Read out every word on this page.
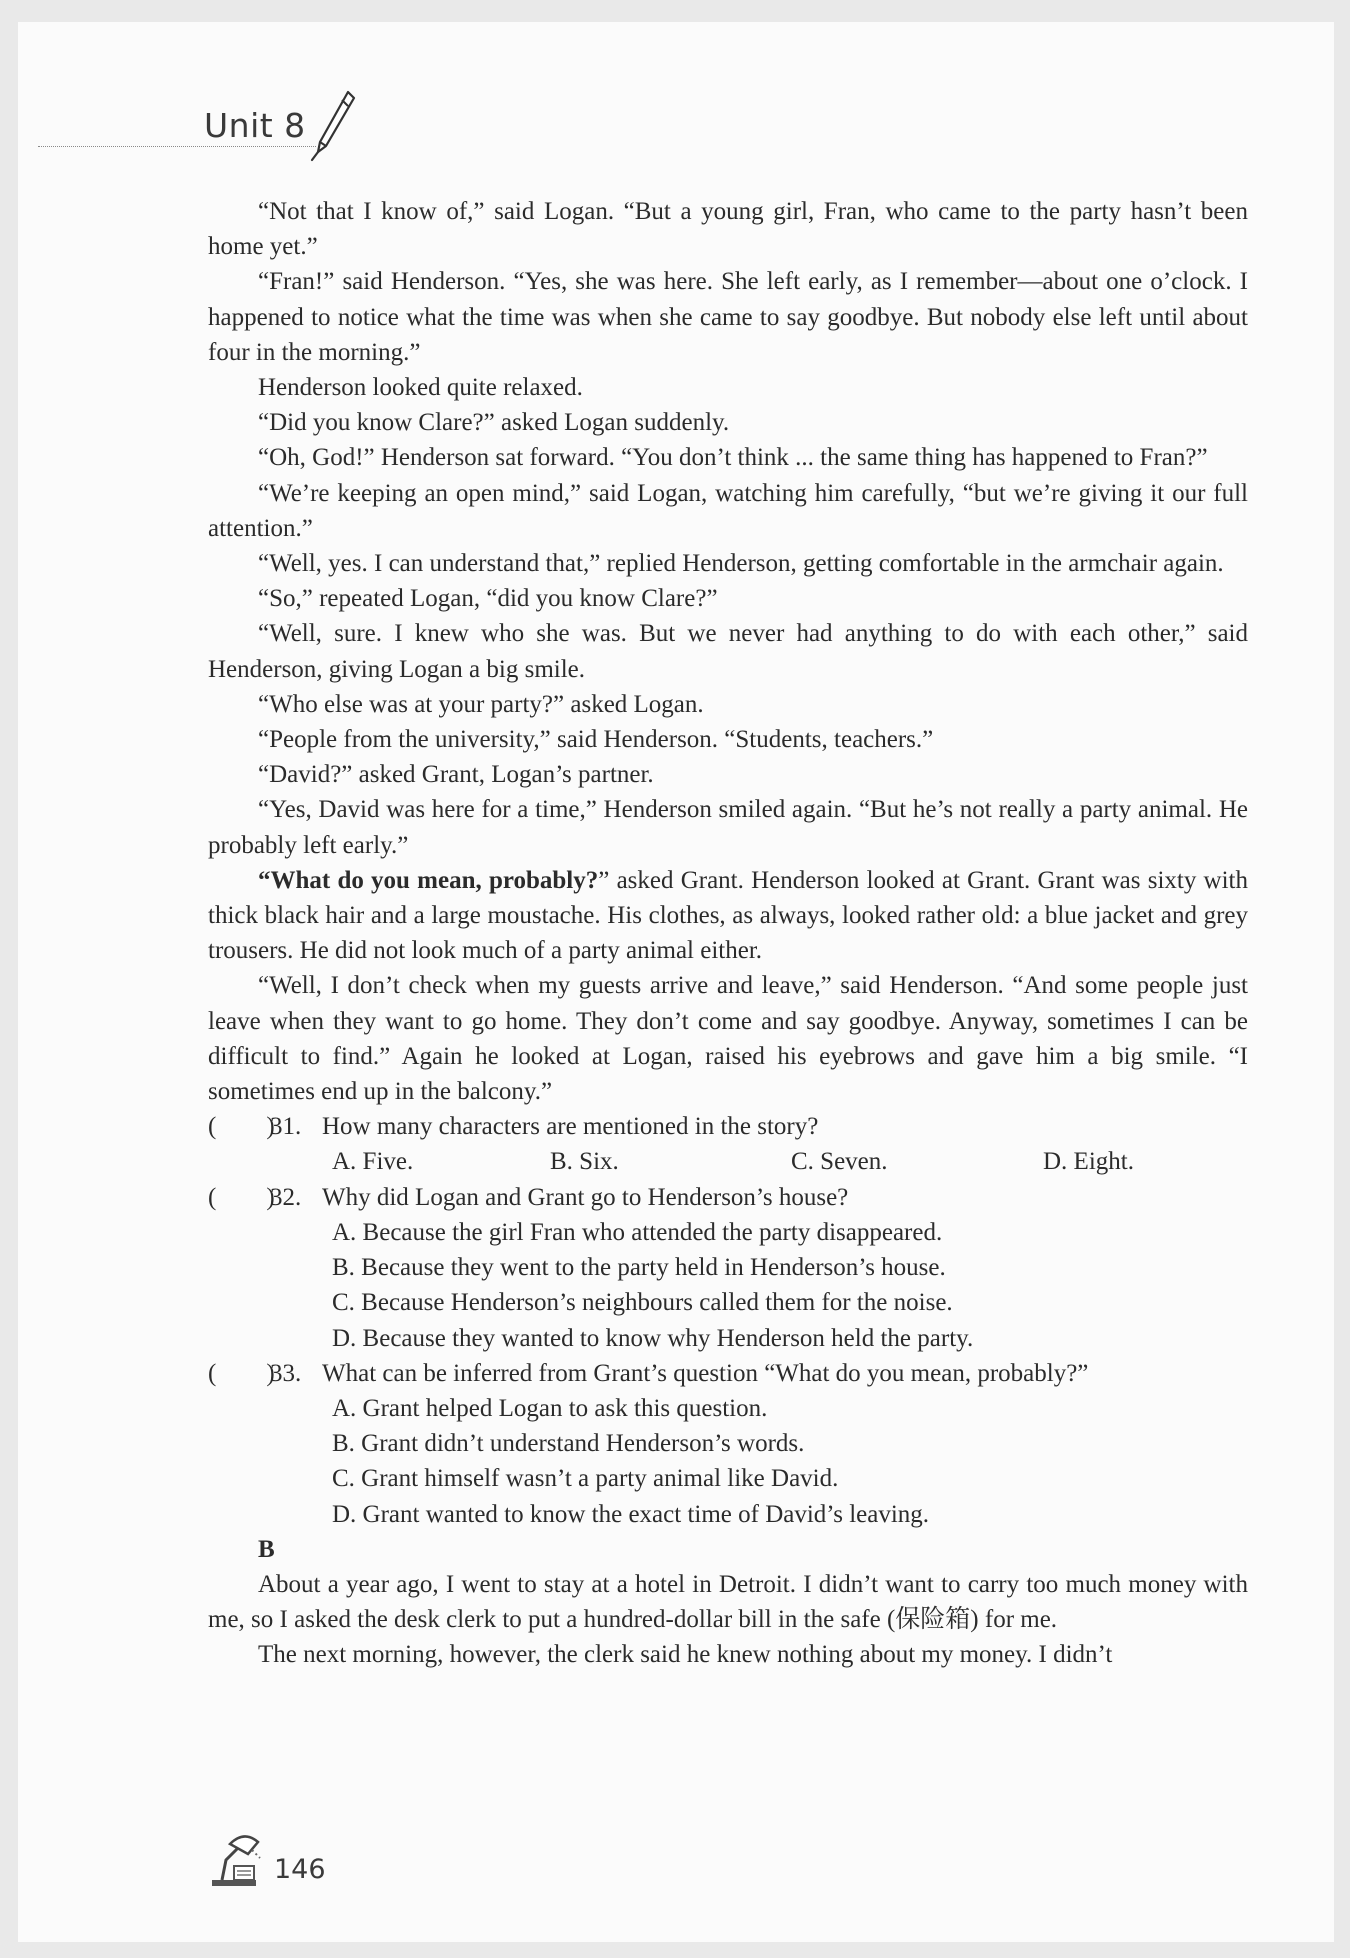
Unit 8

“Not that I know of,” said Logan. “But a young girl, Fran, who came to the party hasn’t been home yet.”

“Fran!” said Henderson. “Yes, she was here. She left early, as I remember—about one o’clock. I happened to notice what the time was when she came to say goodbye. But nobody else left until about four in the morning.”

Henderson looked quite relaxed.

“Did you know Clare?” asked Logan suddenly.

“Oh, God!” Henderson sat forward. “You don’t think ... the same thing has happened to Fran?”

“We’re keeping an open mind,” said Logan, watching him carefully, “but we’re giving it our full attention.”

“Well, yes. I can understand that,” replied Henderson, getting comfortable in the armchair again.

“So,” repeated Logan, “did you know Clare?”

“Well, sure. I knew who she was. But we never had anything to do with each other,” said Henderson, giving Logan a big smile.

“Who else was at your party?” asked Logan.

“People from the university,” said Henderson. “Students, teachers.”

“David?” asked Grant, Logan’s partner.

“Yes, David was here for a time,” Henderson smiled again. “But he’s not really a party animal. He probably left early.”

“What do you mean, probably?” asked Grant. Henderson looked at Grant. Grant was sixty with thick black hair and a large moustache. His clothes, as always, looked rather old: a blue jacket and grey trousers. He did not look much of a party animal either.

“Well, I don’t check when my guests arrive and leave,” said Henderson. “And some people just leave when they want to go home. They don’t come and say goodbye. Anyway, sometimes I can be difficult to find.” Again he looked at Logan, raised his eyebrows and gave him a big smile. “I sometimes end up in the balcony.”

(        )
31. How many characters are mentioned in the story?
A. Five.	B. Six.	C. Seven.	D. Eight.
(        )
32. Why did Logan and Grant go to Henderson’s house?
A. Because the girl Fran who attended the party disappeared.
B. Because they went to the party held in Henderson’s house.
C. Because Henderson’s neighbours called them for the noise.
D. Because they wanted to know why Henderson held the party.
(        )
33. What can be inferred from Grant’s question “What do you mean, probably?”
A. Grant helped Logan to ask this question.
B. Grant didn’t understand Henderson’s words.
C. Grant himself wasn’t a party animal like David.
D. Grant wanted to know the exact time of David’s leaving.

B

About a year ago, I went to stay at a hotel in Detroit. I didn’t want to carry too much money with me, so I asked the desk clerk to put a hundred-dollar bill in the safe (保险箱) for me.

The next morning, however, the clerk said he knew nothing about my money. I didn’t

146
